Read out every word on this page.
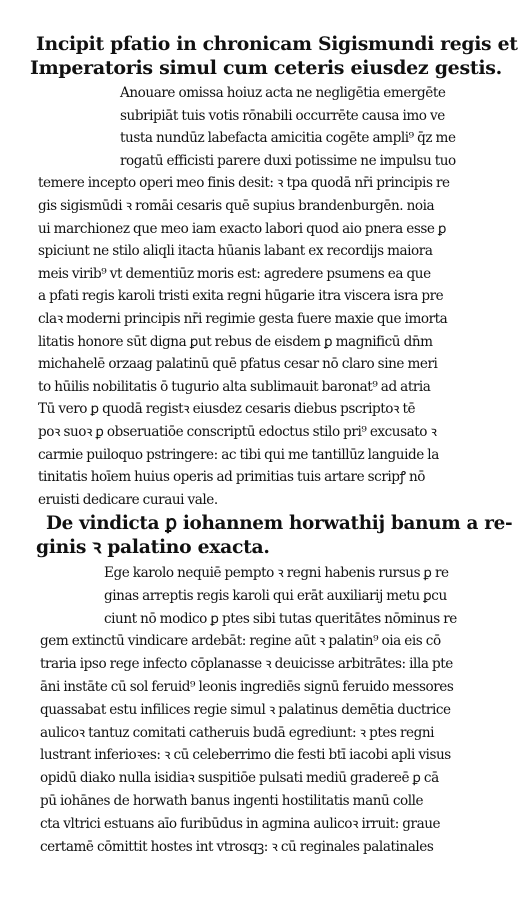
Incipit pfatio in chronicam Sigismundi regis et
Imperatoris simul cum ceteris eiusdez gestis.
Anouare omissa hoiuz acta ne negligētia emergēte
subripiāt tuis votis rōnabili occurrēte causa imo ve
tusta nundūz labefacta amicitia cogēte ampli⁹ q̄z me
rogatū efficisti parere duxi potissime ne impulsu tuo
temere incepto operi meo finis desit: ꝛ tpa quodā nr̄i principis re
gis sigismūdi ꝛ romāi cesaris quē supius brandenburgēn. noia
ui marchionez que meo iam exacto labori quod aio pnera esse ꝑ
spiciunt ne stilo aliqli itacta hūanis labant ex recordijs maiora
meis virib⁹ vt dementiūz moris est: agredere psumens ea que
a pfati regis karoli tristi exita regni hūgarie itra viscera isra pre
claꝛ moderni principis nr̄i regimie gesta fuere maxie que imorta
litatis honore sūt digna ꝑut rebus de eisdem ꝑ magnificū dn̄m
michahelē orzaag palatinū quē pfatus cesar nō claro sine meri
to hūilis nobilitatis ō tugurio alta sublimauit baronat⁹ ad atria
Tū vero ꝑ quodā registꝛ eiusdez cesaris diebus pscriptoꝛ tē
poꝛ suoꝛ ꝑ obseruatiōe conscriptū edoctus stilo pri⁹ excusato ꝛ
carmie puiloquo pstringere: ac tibi qui me tantillūz languide la
tinitatis hoīem huius operis ad primitias tuis artare scripꝭ nō
eruisti dedicare curaui vale.
De vindicta ꝑ iohannem horwathij banum a re-
ginis ꝛ palatino exacta.
Ege karolo nequiē pempto ꝛ regni habenis rursus ꝑ re
ginas arreptis regis karoli qui erāt auxiliarij metu ꝑcu
ciunt nō modico ꝑ ptes sibi tutas queritātes nōminus re
gem extinctū vindicare ardebāt: regine aūt ꝛ palatin⁹ oia eis cō
traria ipso rege infecto cōplanasse ꝛ deuicisse arbitrātes: illa pte
āni instāte cū sol feruid⁹ leonis ingrediēs signū feruido messores
quassabat estu infilices regie simul ꝛ palatinus demētia ductrice
aulicoꝛ tantuz comitati catheruis budā egrediunt: ꝛ ptes regni
lustrant inferioꝛes: ꝛ cū celeberrimo die festi btī iacobi apli visus
opidū diako nulla isidiaꝛ suspitiōe pulsati mediū gradereē ꝑ cā
pū iohānes de horwath banus ingenti hostilitatis manū colle
cta vltrici estuans aīo furibūdus in agmina aulicoꝛ irruit: graue
certamē cōmittit hostes int vtrosqꝫ: ꝛ cū reginales palatinales
